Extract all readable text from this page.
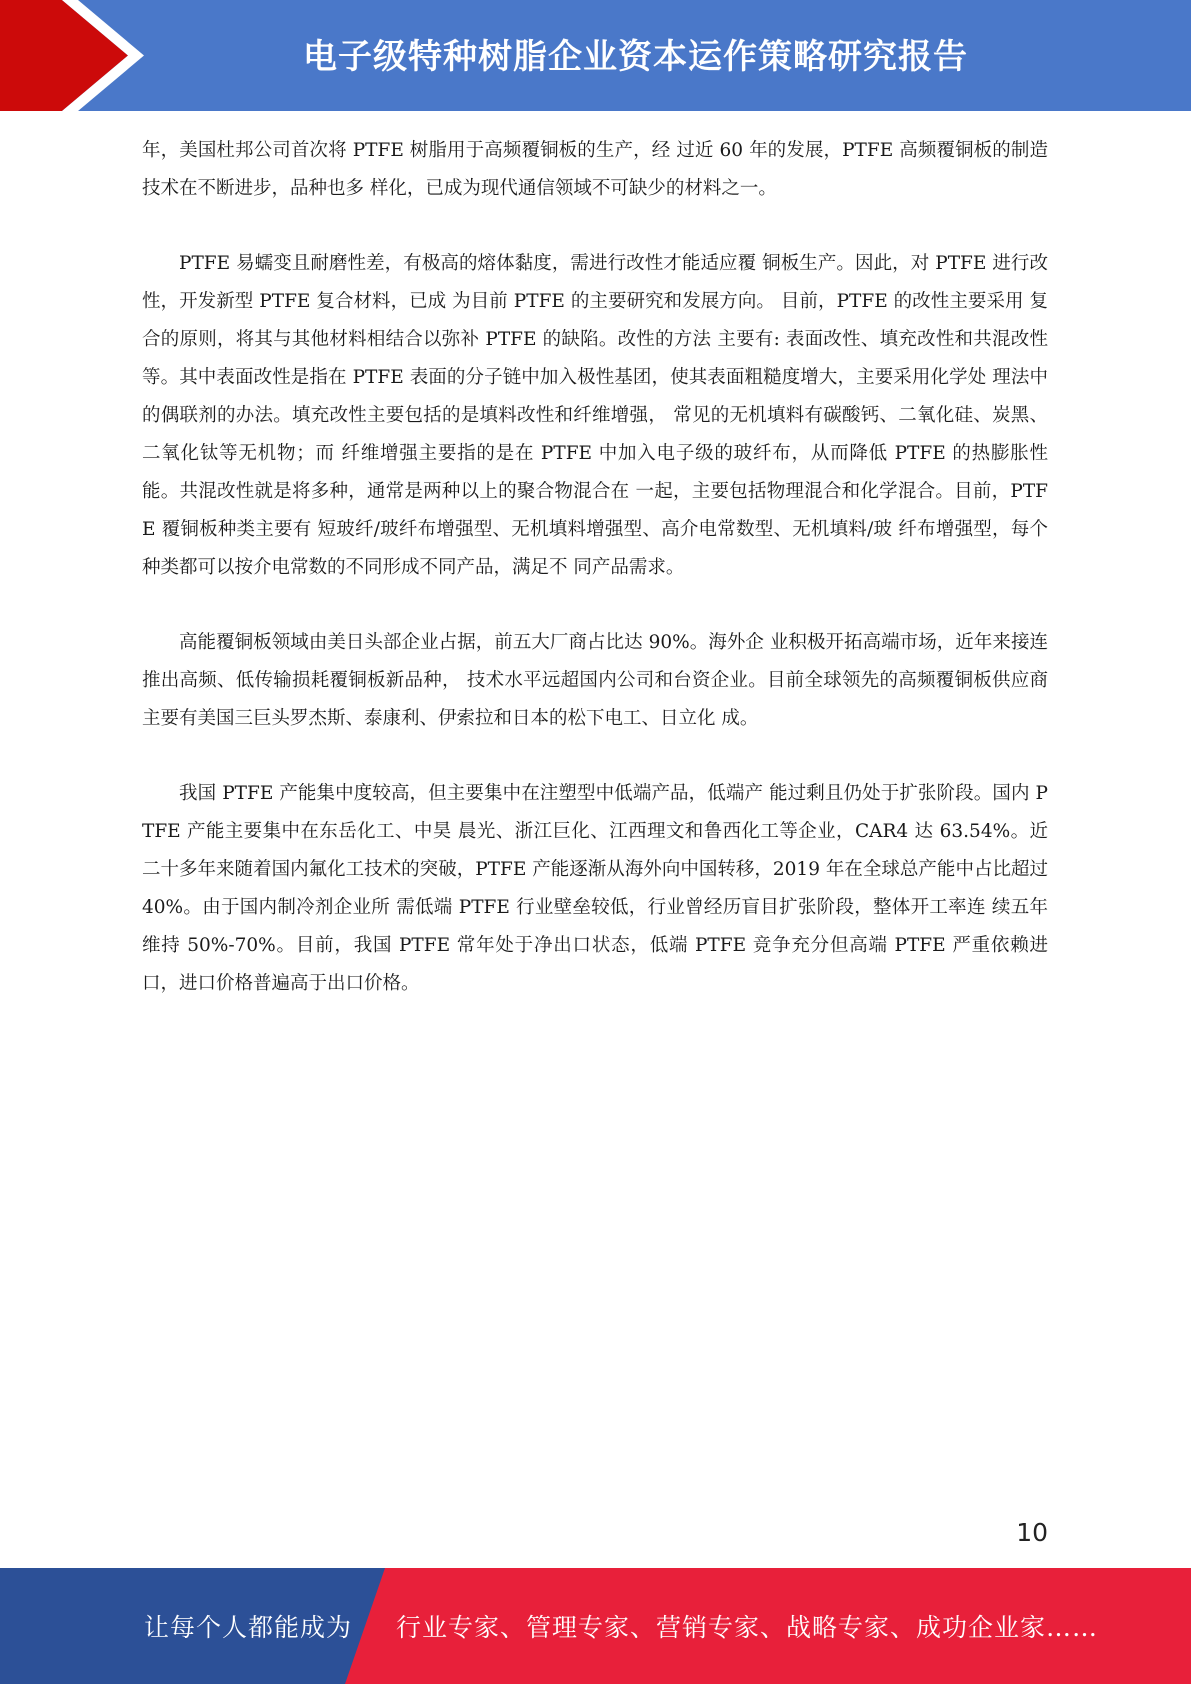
电子级特种树脂企业资本运作策略研究报告

年，美国杜邦公司首次将 PTFE 树脂用于高频覆铜板的生产，经 过近 60 年的发展，PTFE 高频覆铜板的制造技术在不断进步，品种也多 样化，已成为现代通信领域不可缺少的材料之一。

PTFE 易蠕变且耐磨性差，有极高的熔体黏度，需进行改性才能适应覆 铜板生产。因此，对 PTFE 进行改性，开发新型 PTFE 复合材料，已成 为目前 PTFE 的主要研究和发展方向。 目前，PTFE 的改性主要采用 复合的原则，将其与其他材料相结合以弥补 PTFE 的缺陷。改性的方法 主要有: 表面改性、填充改性和共混改性等。其中表面改性是指在 PTFE 表面的分子链中加入极性基团，使其表面粗糙度增大，主要采用化学处 理法中的偶联剂的办法。填充改性主要包括的是填料改性和纤维增强， 常见的无机填料有碳酸钙、二氧化硅、炭黑、 二氧化钛等无机物；而 纤维增强主要指的是在 PTFE 中加入电子级的玻纤布，从而降低 PTFE 的热膨胀性能。共混改性就是将多种，通常是两种以上的聚合物混合在 一起，主要包括物理混合和化学混合。目前，PTFE 覆铜板种类主要有 短玻纤/玻纤布增强型、无机填料增强型、高介电常数型、无机填料/玻 纤布增强型，每个种类都可以按介电常数的不同形成不同产品，满足不 同产品需求。

高能覆铜板领域由美日头部企业占据，前五大厂商占比达 90%。海外企 业积极开拓高端市场，近年来接连推出高频、低传输损耗覆铜板新品种， 技术水平远超国内公司和台资企业。目前全球领先的高频覆铜板供应商 主要有美国三巨头罗杰斯、泰康利、伊索拉和日本的松下电工、日立化 成。

我国 PTFE 产能集中度较高，但主要集中在注塑型中低端产品，低端产 能过剩且仍处于扩张阶段。国内 PTFE 产能主要集中在东岳化工、中昊 晨光、浙江巨化、江西理文和鲁西化工等企业，CAR4 达 63.54%。近 二十多年来随着国内氟化工技术的突破，PTFE 产能逐渐从海外向中国转移，2019 年在全球总产能中占比超过 40%。由于国内制冷剂企业所 需低端 PTFE 行业壁垒较低，行业曾经历盲目扩张阶段，整体开工率连 续五年维持 50%-70%。目前，我国 PTFE 常年处于净出口状态，低端 PTFE 竞争充分但高端 PTFE 严重依赖进口，进口价格普遍高于出口价格。

10
让每个人都能成为 行业专家、管理专家、营销专家、战略专家、成功企业家……
